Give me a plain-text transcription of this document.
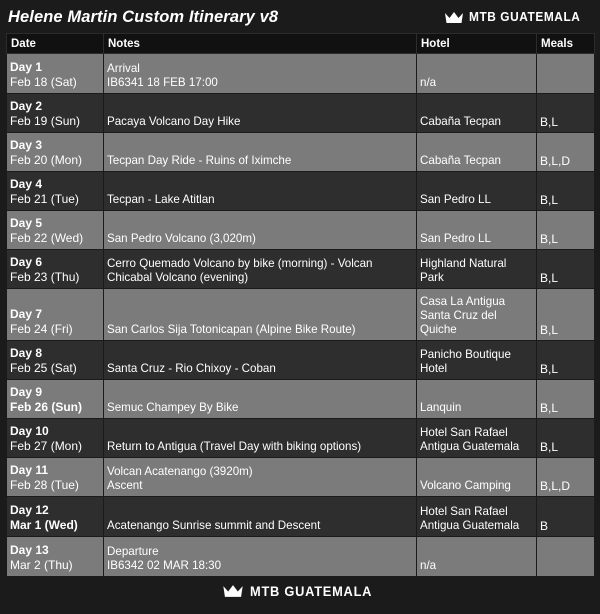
Helene Martin Custom Itinerary v8	MTB GUATEMALA
Date	Notes	Hotel	Meals

Day 1
Feb 18 (Sat)	Arrival
IB6341 18 FEB 17:00	n/a	

Day 2
Feb 19 (Sun)	Pacaya Volcano Day Hike	Cabaña Tecpan	B,L

Day 3
Feb 20 (Mon)	Tecpan Day Ride - Ruins of Iximche	Cabaña Tecpan	B,L,D

Day 4
Feb 21 (Tue)	Tecpan - Lake Atitlan	San Pedro LL	B,L

Day 5
Feb 22 (Wed)	San Pedro Volcano (3,020m)	San Pedro LL	B,L

Day 6
Feb 23 (Thu)	Cerro Quemado Volcano by bike (morning) - Volcan
Chicabal Volcano (evening)	Highland Natural
Park	B,L

Day 7
Feb 24 (Fri)	San Carlos Sija Totonicapan (Alpine Bike Route)	Casa La Antigua
Santa Cruz del
Quiche	B,L

Day 8
Feb 25 (Sat)	Santa Cruz - Rio Chixoy - Coban	Panicho Boutique
Hotel	B,L

Day 9
Feb 26 (Sun)	Semuc Champey By Bike	Lanquin	B,L

Day 10
Feb 27 (Mon)	Return to Antigua (Travel Day with biking options)	Hotel San Rafael
Antigua Guatemala	B,L

Day 11
Feb 28 (Tue)	Volcan Acatenango (3920m)
Ascent	Volcano Camping	B,L,D

Day 12
Mar 1 (Wed)	Acatenango Sunrise summit and Descent	Hotel San Rafael
Antigua Guatemala	B

Day 13
Mar 2 (Thu)	Departure
IB6342 02 MAR 18:30	n/a	

MTB GUATEMALA
